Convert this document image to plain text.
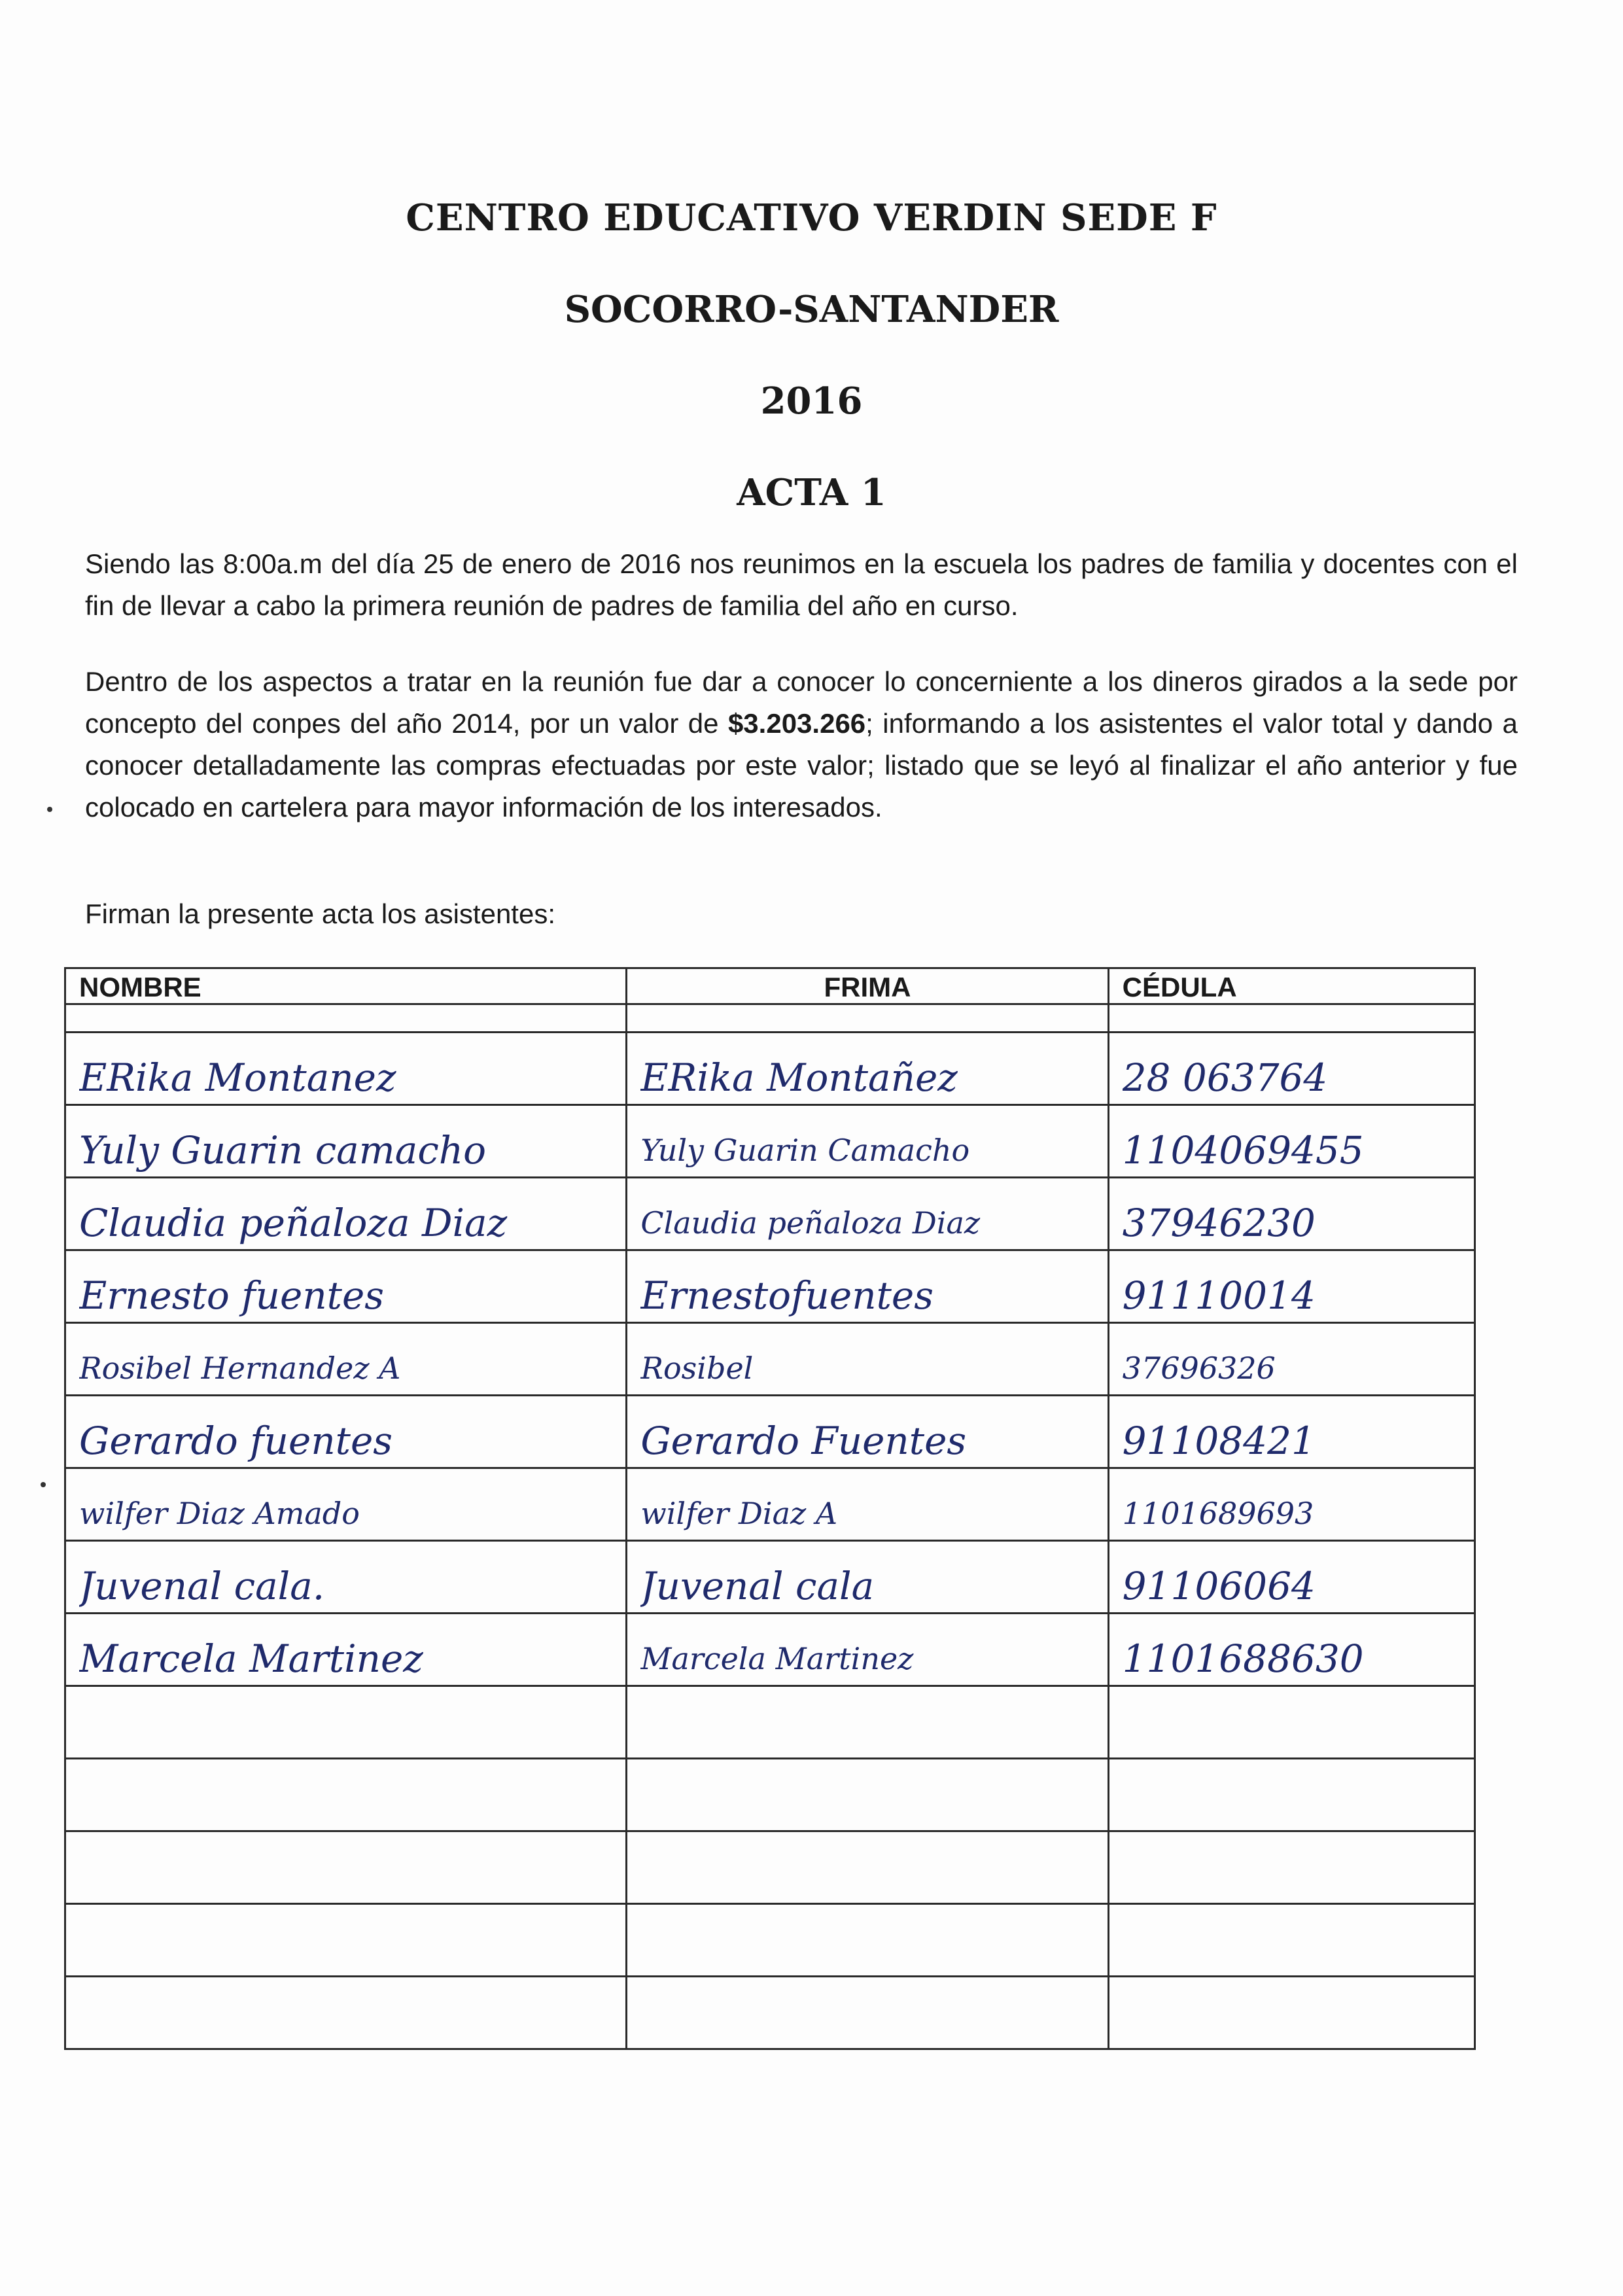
CENTRO EDUCATIVO VERDIN SEDE F
SOCORRO-SANTANDER
2016
ACTA 1

Siendo las 8:00a.m del día 25 de enero de 2016 nos reunimos en la escuela los padres de familia y docentes con el fin de llevar a cabo la primera reunión de padres de familia del año en curso.

Dentro de los aspectos a tratar en la reunión fue dar a conocer lo concerniente a los dineros girados a la sede por concepto del conpes del año 2014, por un valor de $3.203.266; informando a los asistentes el valor total y dando a conocer detalladamente las compras efectuadas por este valor; listado que se leyó al finalizar el año anterior y fue colocado en cartelera para mayor información de los interesados.

Firman la presente acta los asistentes:

NOMBRE	FRIMA	CÉDULA

ERika Montanez	ERika Montañez	28 063764

Yuly Guarin camacho	Yuly Guarin Camacho	1104069455

Claudia peñaloza Diaz	Claudia peñaloza Diaz	37946230

Ernesto fuentes	Ernestofuentes	91110014

Rosibel Hernandez A	Rosibel	37696326

Gerardo fuentes	Gerardo Fuentes	91108421

wilfer Diaz Amado	wilfer Diaz A	1101689693

Juvenal cala.	Juvenal cala	91106064

Marcela Martinez	Marcela Martinez	1101688630
